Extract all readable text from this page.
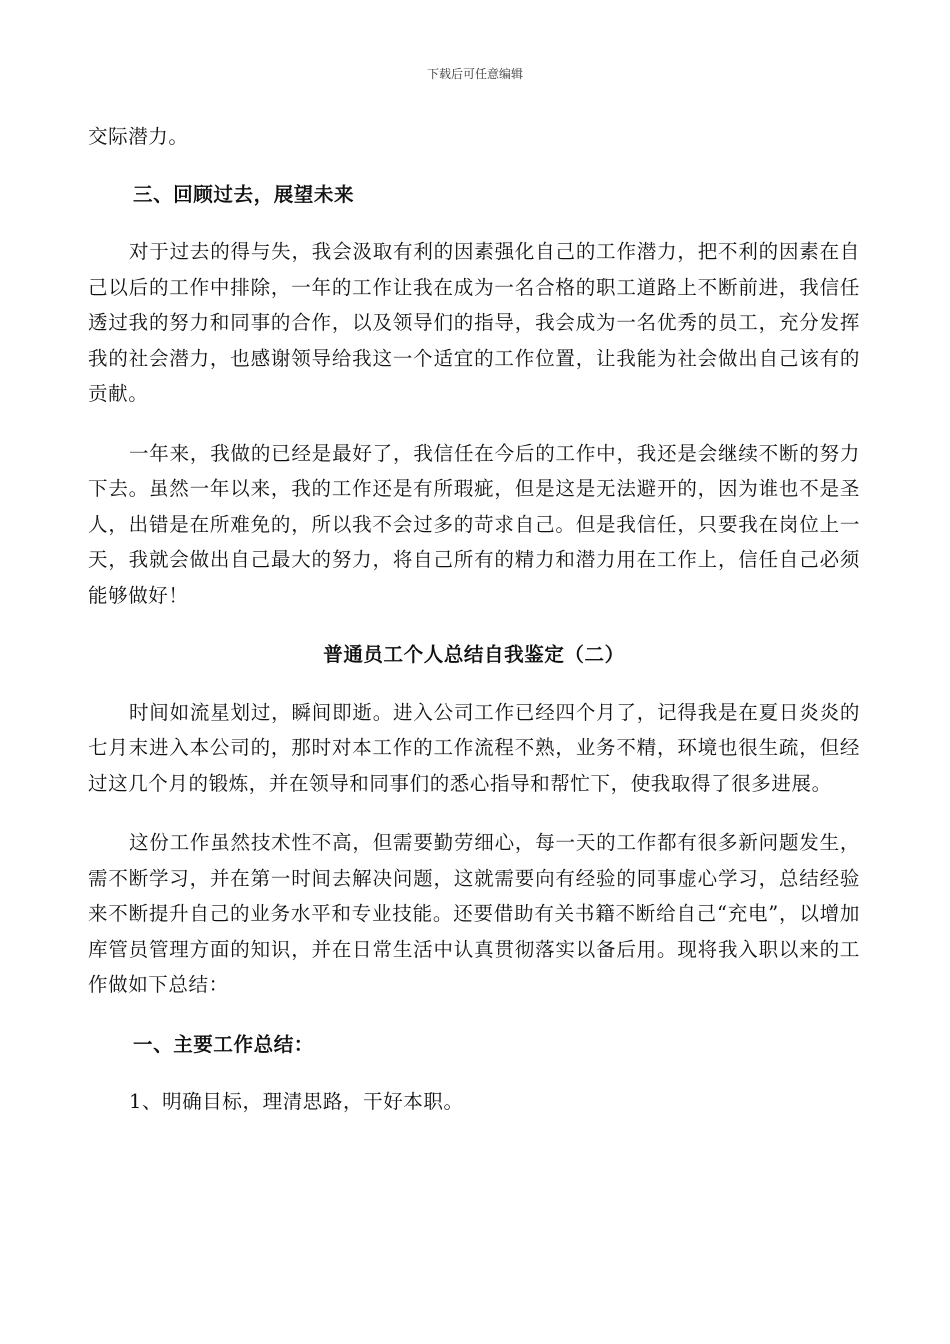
下载后可任意编辑

交际潜力。

三、回顾过去，展望未来

对于过去的得与失，我会汲取有利的因素强化自己的工作潜力，把不利的因素在自己以后的工作中排除，一年的工作让我在成为一名合格的职工道路上不断前进，我信任透过我的努力和同事的合作，以及领导们的指导，我会成为一名优秀的员工，充分发挥我的社会潜力，也感谢领导给我这一个适宜的工作位置，让我能为社会做出自己该有的贡献。

一年来，我做的已经是最好了，我信任在今后的工作中，我还是会继续不断的努力下去。虽然一年以来，我的工作还是有所瑕疵，但是这是无法避开的，因为谁也不是圣人，出错是在所难免的，所以我不会过多的苛求自己。但是我信任，只要我在岗位上一天，我就会做出自己最大的努力，将自己所有的精力和潜力用在工作上，信任自己必须能够做好！

普通员工个人总结自我鉴定（二）

时间如流星划过，瞬间即逝。进入公司工作已经四个月了，记得我是在夏日炎炎的七月末进入本公司的，那时对本工作的工作流程不熟，业务不精，环境也很生疏，但经过这几个月的锻炼，并在领导和同事们的悉心指导和帮忙下，使我取得了很多进展。

这份工作虽然技术性不高，但需要勤劳细心，每一天的工作都有很多新问题发生，需不断学习，并在第一时间去解决问题，这就需要向有经验的同事虚心学习，总结经验来不断提升自己的业务水平和专业技能。还要借助有关书籍不断给自己“充电”，以增加库管员管理方面的知识，并在日常生活中认真贯彻落实以备后用。现将我入职以来的工作做如下总结：

一、主要工作总结：

1、明确目标，理清思路，干好本职。
